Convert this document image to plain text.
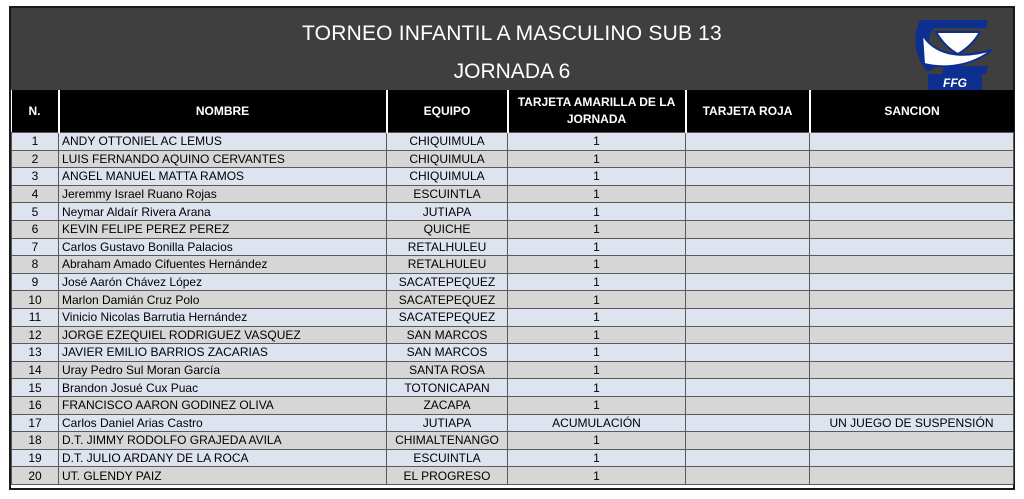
TORNEO INFANTIL A MASCULINO SUB 13
JORNADA 6	FFG
N.	NOMBRE	EQUIPO	TARJETA AMARILLA DE LA JORNADA	TARJETA ROJA	SANCION
1	ANDY OTTONIEL AC LEMUS	CHIQUIMULA	1		
2	LUIS FERNANDO AQUINO CERVANTES	CHIQUIMULA	1		
3	ANGEL MANUEL MATTA RAMOS	CHIQUIMULA	1		
4	Jeremmy Israel Ruano Rojas	ESCUINTLA	1		
5	Neymar Aldaír Rivera Arana	JUTIAPA	1		
6	KEVIN FELIPE PEREZ PEREZ	QUICHE	1		
7	Carlos Gustavo Bonilla Palacios	RETALHULEU	1		
8	Abraham Amado Cifuentes Hernández	RETALHULEU	1		
9	José Aarón Chávez López	SACATEPEQUEZ	1		
10	Marlon Damián Cruz Polo	SACATEPEQUEZ	1		
11	Vinicio Nicolas Barrutia Hernández	SACATEPEQUEZ	1		
12	JORGE EZEQUIEL RODRIGUEZ VASQUEZ	SAN MARCOS	1		
13	JAVIER EMILIO BARRIOS ZACARIAS	SAN MARCOS	1		
14	Uray Pedro Sul Moran García	SANTA ROSA	1		
15	Brandon Josué Cux Puac	TOTONICAPAN	1		
16	FRANCISCO AARON GODINEZ OLIVA	ZACAPA	1		
17	Carlos Daniel Arias Castro	JUTIAPA	ACUMULACIÓN		UN JUEGO DE SUSPENSIÓN
18	D.T. JIMMY RODOLFO GRAJEDA AVILA	CHIMALTENANGO	1		
19	D.T. JULIO ARDANY DE LA ROCA	ESCUINTLA	1		
20	UT. GLENDY PAIZ	EL PROGRESO	1		
